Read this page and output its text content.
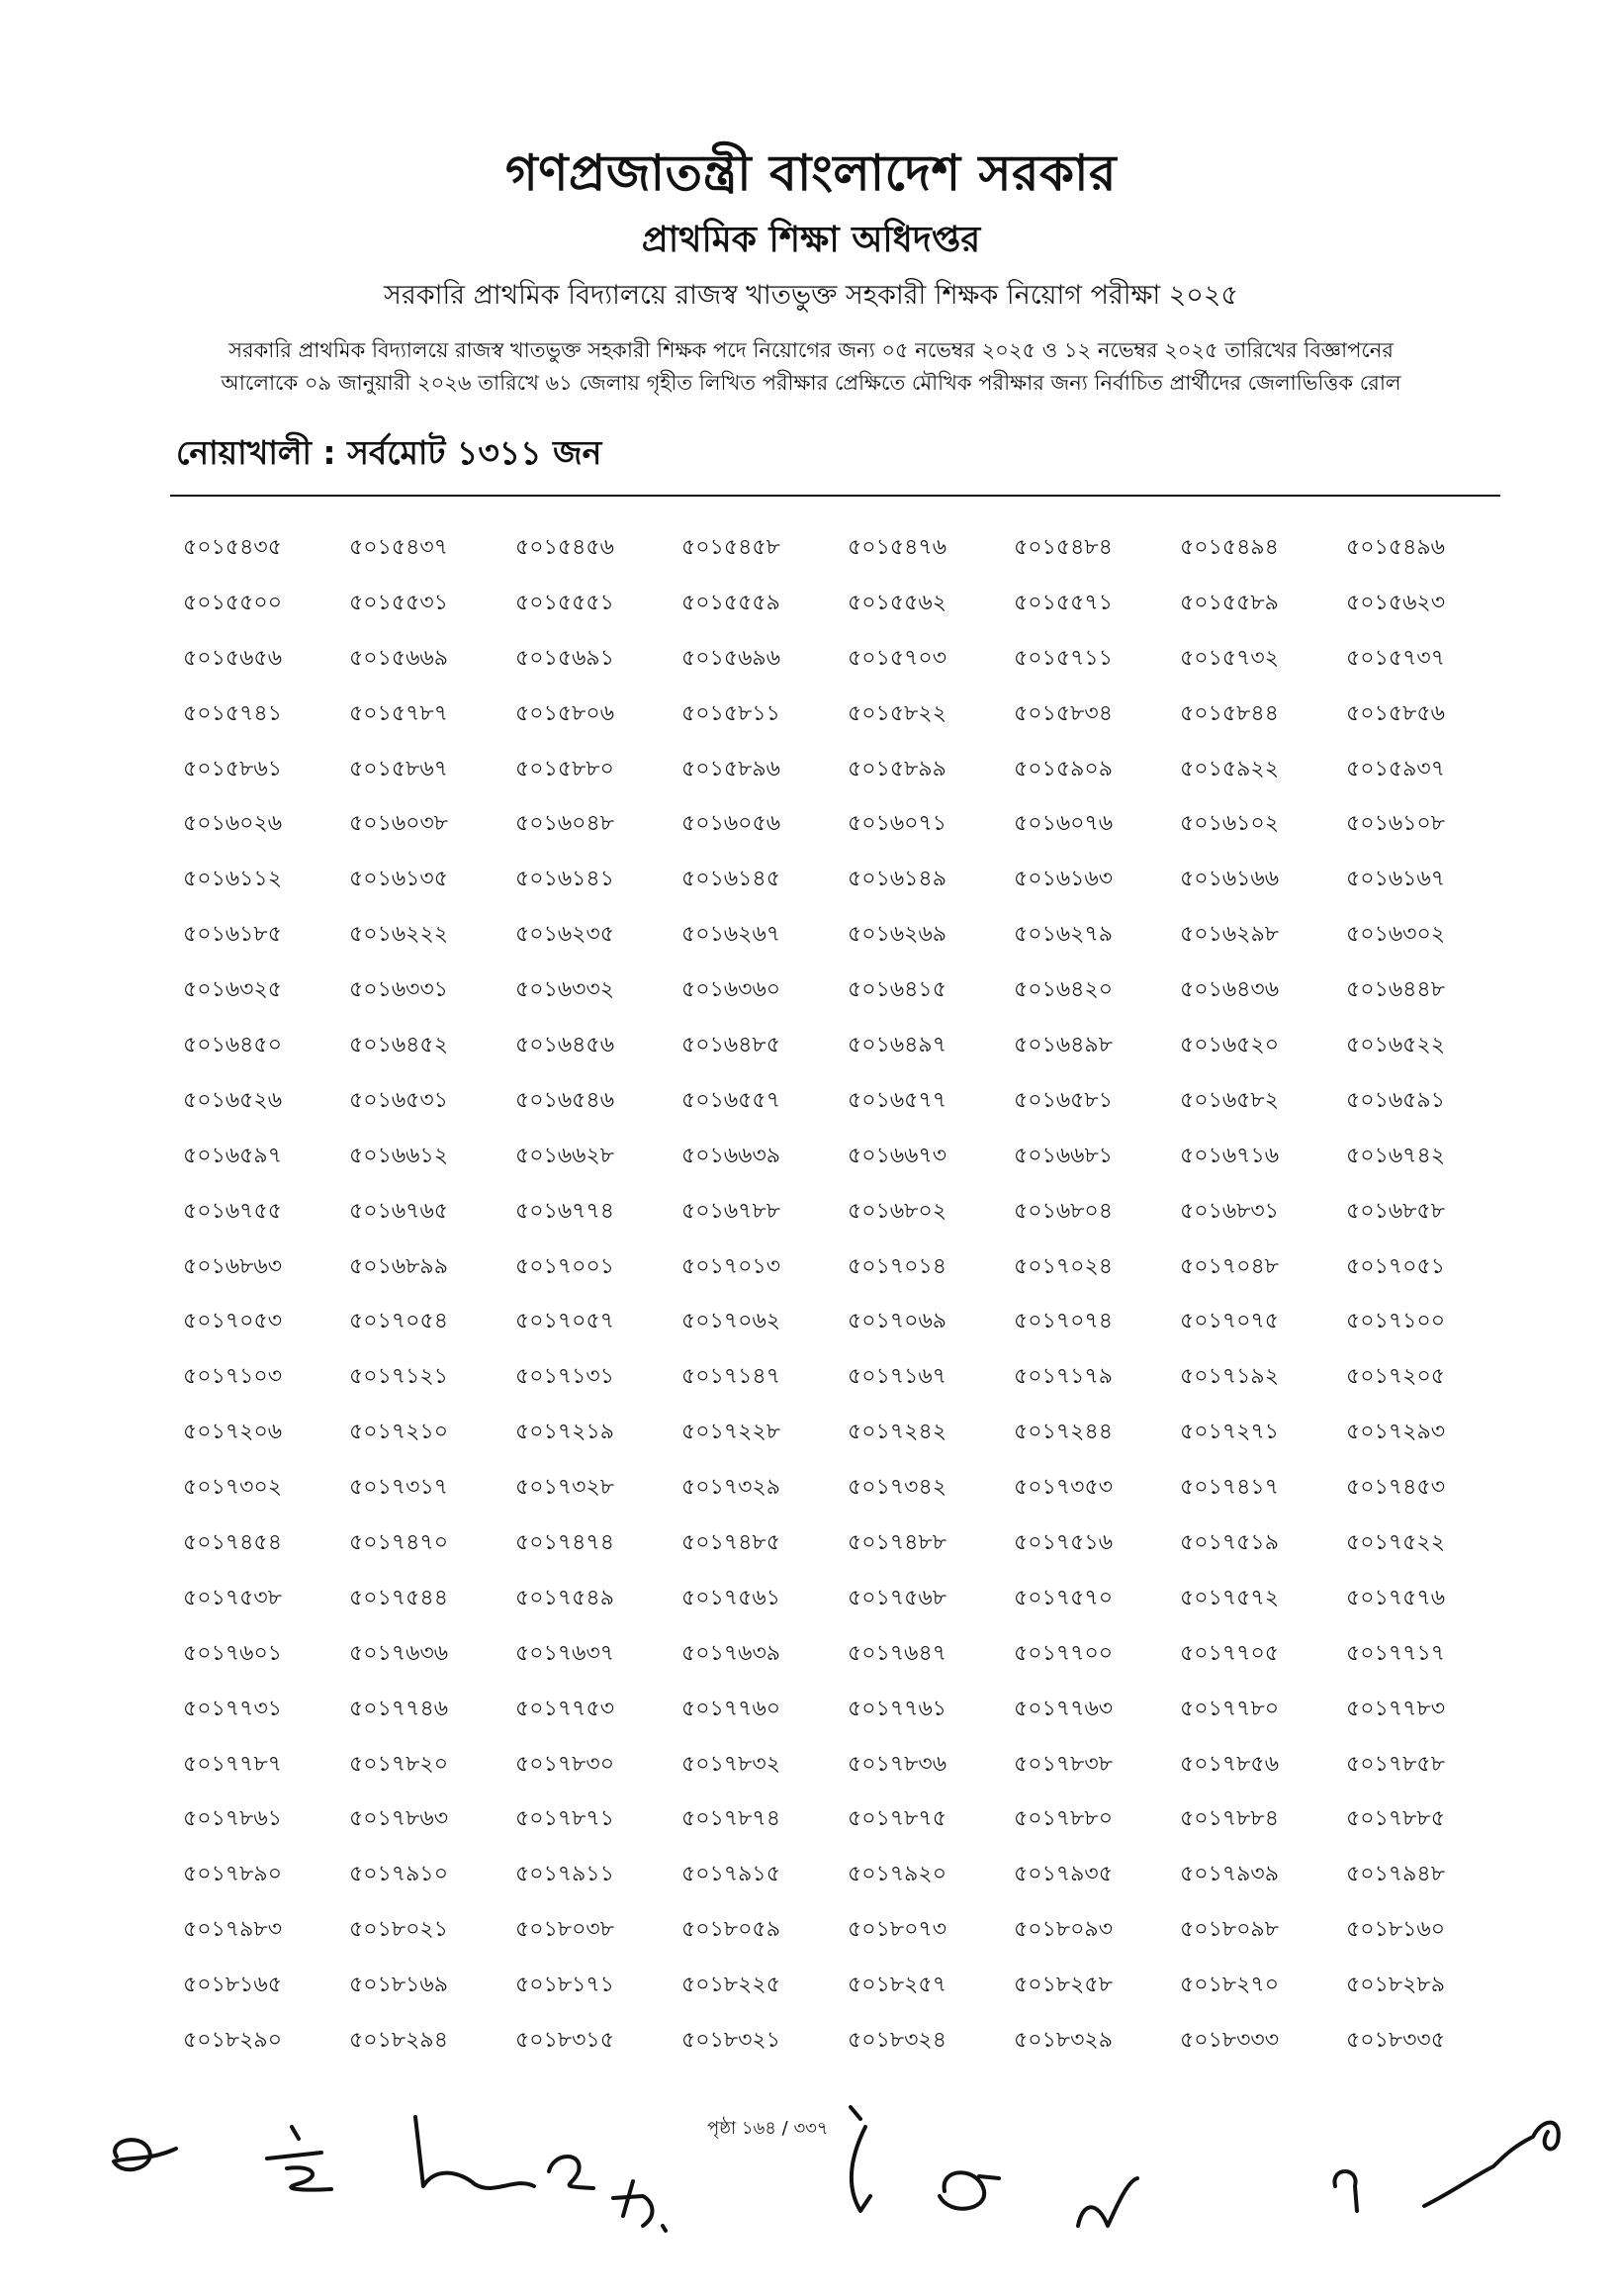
গণপ্রজাতন্ত্রী বাংলাদেশ সরকার
প্রাথমিক শিক্ষা অধিদপ্তর
সরকারি প্রাথমিক বিদ্যালয়ে রাজস্ব খাতভুক্ত সহকারী শিক্ষক নিয়োগ পরীক্ষা ২০২৫
সরকারি প্রাথমিক বিদ্যালয়ে রাজস্ব খাতভুক্ত সহকারী শিক্ষক পদে নিয়োগের জন্য ০৫ নভেম্বর ২০২৫ ও ১২ নভেম্বর ২০২৫ তারিখের বিজ্ঞাপনের
আলোকে ০৯ জানুয়ারী ২০২৬ তারিখে ৬১ জেলায় গৃহীত লিখিত পরীক্ষার প্রেক্ষিতে মৌখিক পরীক্ষার জন্য নির্বাচিত প্রার্থীদের জেলাভিত্তিক রোল
নোয়াখালী : সর্বমোট ১৩১১ জন
৫০১৫৪৩৫	৫০১৫৪৩৭	৫০১৫৪৫৬	৫০১৫৪৫৮	৫০১৫৪৭৬	৫০১৫৪৮৪	৫০১৫৪৯৪	৫০১৫৪৯৬
৫০১৫৫০০	৫০১৫৫৩১	৫০১৫৫৫১	৫০১৫৫৫৯	৫০১৫৫৬২	৫০১৫৫৭১	৫০১৫৫৮৯	৫০১৫৬২৩
৫০১৫৬৫৬	৫০১৫৬৬৯	৫০১৫৬৯১	৫০১৫৬৯৬	৫০১৫৭০৩	৫০১৫৭১১	৫০১৫৭৩২	৫০১৫৭৩৭
৫০১৫৭৪১	৫০১৫৭৮৭	৫০১৫৮০৬	৫০১৫৮১১	৫০১৫৮২২	৫০১৫৮৩৪	৫০১৫৮৪৪	৫০১৫৮৫৬
৫০১৫৮৬১	৫০১৫৮৬৭	৫০১৫৮৮০	৫০১৫৮৯৬	৫০১৫৮৯৯	৫০১৫৯০৯	৫০১৫৯২২	৫০১৫৯৩৭
৫০১৬০২৬	৫০১৬০৩৮	৫০১৬০৪৮	৫০১৬০৫৬	৫০১৬০৭১	৫০১৬০৭৬	৫০১৬১০২	৫০১৬১০৮
৫০১৬১১২	৫০১৬১৩৫	৫০১৬১৪১	৫০১৬১৪৫	৫০১৬১৪৯	৫০১৬১৬৩	৫০১৬১৬৬	৫০১৬১৬৭
৫০১৬১৮৫	৫০১৬২২২	৫০১৬২৩৫	৫০১৬২৬৭	৫০১৬২৬৯	৫০১৬২৭৯	৫০১৬২৯৮	৫০১৬৩০২
৫০১৬৩২৫	৫০১৬৩৩১	৫০১৬৩৩২	৫০১৬৩৬০	৫০১৬৪১৫	৫০১৬৪২০	৫০১৬৪৩৬	৫০১৬৪৪৮
৫০১৬৪৫০	৫০১৬৪৫২	৫০১৬৪৫৬	৫০১৬৪৮৫	৫০১৬৪৯৭	৫০১৬৪৯৮	৫০১৬৫২০	৫০১৬৫২২
৫০১৬৫২৬	৫০১৬৫৩১	৫০১৬৫৪৬	৫০১৬৫৫৭	৫০১৬৫৭৭	৫০১৬৫৮১	৫০১৬৫৮২	৫০১৬৫৯১
৫০১৬৫৯৭	৫০১৬৬১২	৫০১৬৬২৮	৫০১৬৬৩৯	৫০১৬৬৭৩	৫০১৬৬৮১	৫০১৬৭১৬	৫০১৬৭৪২
৫০১৬৭৫৫	৫০১৬৭৬৫	৫০১৬৭৭৪	৫০১৬৭৮৮	৫০১৬৮০২	৫০১৬৮০৪	৫০১৬৮৩১	৫০১৬৮৫৮
৫০১৬৮৬৩	৫০১৬৮৯৯	৫০১৭০০১	৫০১৭০১৩	৫০১৭০১৪	৫০১৭০২৪	৫০১৭০৪৮	৫০১৭০৫১
৫০১৭০৫৩	৫০১৭০৫৪	৫০১৭০৫৭	৫০১৭০৬২	৫০১৭০৬৯	৫০১৭০৭৪	৫০১৭০৭৫	৫০১৭১০০
৫০১৭১০৩	৫০১৭১২১	৫০১৭১৩১	৫০১৭১৪৭	৫০১৭১৬৭	৫০১৭১৭৯	৫০১৭১৯২	৫০১৭২০৫
৫০১৭২০৬	৫০১৭২১০	৫০১৭২১৯	৫০১৭২২৮	৫০১৭২৪২	৫০১৭২৪৪	৫০১৭২৭১	৫০১৭২৯৩
৫০১৭৩০২	৫০১৭৩১৭	৫০১৭৩২৮	৫০১৭৩২৯	৫০১৭৩৪২	৫০১৭৩৫৩	৫০১৭৪১৭	৫০১৭৪৫৩
৫০১৭৪৫৪	৫০১৭৪৭০	৫০১৭৪৭৪	৫০১৭৪৮৫	৫০১৭৪৮৮	৫০১৭৫১৬	৫০১৭৫১৯	৫০১৭৫২২
৫০১৭৫৩৮	৫০১৭৫৪৪	৫০১৭৫৪৯	৫০১৭৫৬১	৫০১৭৫৬৮	৫০১৭৫৭০	৫০১৭৫৭২	৫০১৭৫৭৬
৫০১৭৬০১	৫০১৭৬৩৬	৫০১৭৬৩৭	৫০১৭৬৩৯	৫০১৭৬৪৭	৫০১৭৭০০	৫০১৭৭০৫	৫০১৭৭১৭
৫০১৭৭৩১	৫০১৭৭৪৬	৫০১৭৭৫৩	৫০১৭৭৬০	৫০১৭৭৬১	৫০১৭৭৬৩	৫০১৭৭৮০	৫০১৭৭৮৩
৫০১৭৭৮৭	৫০১৭৮২০	৫০১৭৮৩০	৫০১৭৮৩২	৫০১৭৮৩৬	৫০১৭৮৩৮	৫০১৭৮৫৬	৫০১৭৮৫৮
৫০১৭৮৬১	৫০১৭৮৬৩	৫০১৭৮৭১	৫০১৭৮৭৪	৫০১৭৮৭৫	৫০১৭৮৮০	৫০১৭৮৮৪	৫০১৭৮৮৫
৫০১৭৮৯০	৫০১৭৯১০	৫০১৭৯১১	৫০১৭৯১৫	৫০১৭৯২০	৫০১৭৯৩৫	৫০১৭৯৩৯	৫০১৭৯৪৮
৫০১৭৯৮৩	৫০১৮০২১	৫০১৮০৩৮	৫০১৮০৫৯	৫০১৮০৭৩	৫০১৮০৯৩	৫০১৮০৯৮	৫০১৮১৬০
৫০১৮১৬৫	৫০১৮১৬৯	৫০১৮১৭১	৫০১৮২২৫	৫০১৮২৫৭	৫০১৮২৫৮	৫০১৮২৭০	৫০১৮২৮৯
৫০১৮২৯০	৫০১৮২৯৪	৫০১৮৩১৫	৫০১৮৩২১	৫০১৮৩২৪	৫০১৮৩২৯	৫০১৮৩৩৩	৫০১৮৩৩৫
পৃষ্ঠা ১৬৪ / ৩৩৭
